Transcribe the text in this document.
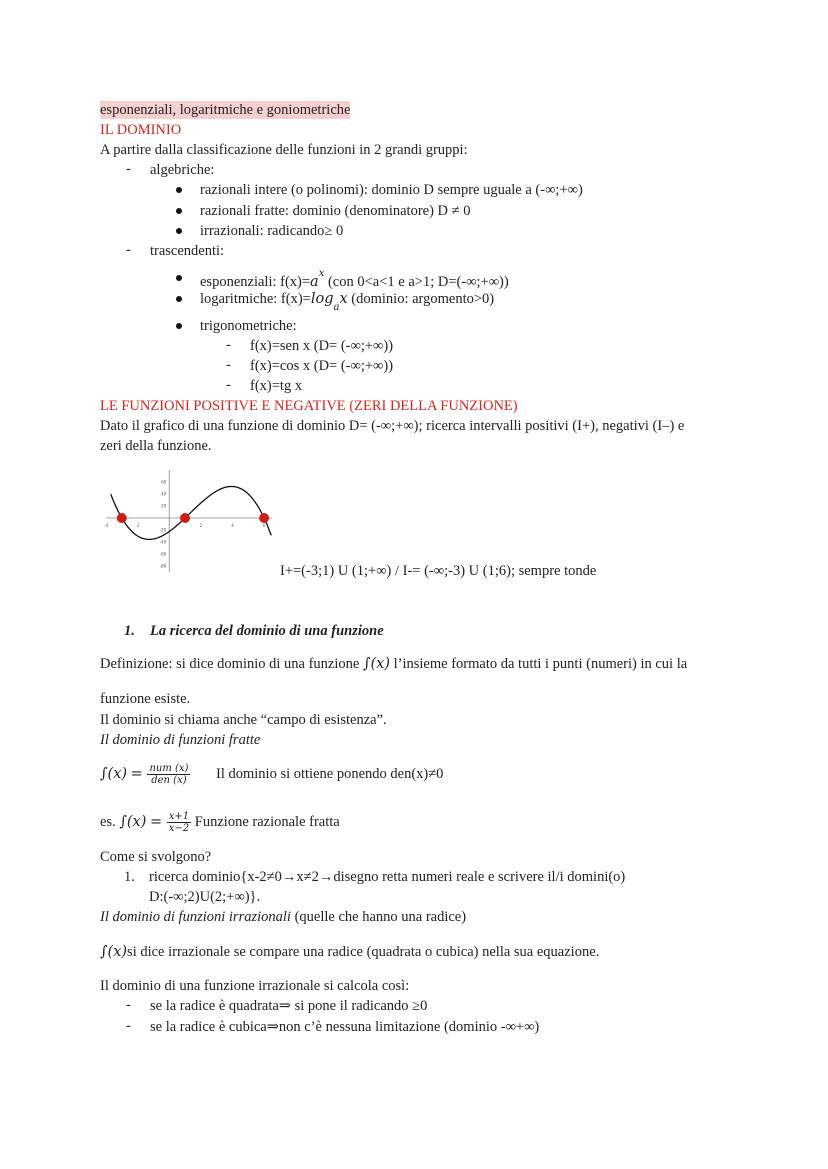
esponenziali, logaritmiche e goniometriche
IL DOMINIO
A partire dalla classificazione delle funzioni in 2 grandi gruppi:
-	algebriche:
razionali intere (o polinomi): dominio D sempre uguale a (-∞;+∞)
razionali fratte: dominio (denominatore) D ≠ 0
irrazionali: radicando≥ 0
-	trascendenti:
esponenziali: $f(x)=a^x$ (con 0<a<1 e a>1; D=(-∞;+∞))
logaritmiche: $f(x)=\log_ax$ (dominio: argomento>0)
trigonometriche:
-	f(x)=sen x (D= (-∞;+∞))
-	f(x)=cos x (D= (-∞;+∞))
-	f(x)=tg x
LE FUNZIONI POSITIVE E NEGATIVE (ZERI DELLA FUNZIONE)
Dato il grafico di una funzione di dominio D= (-∞;+∞); ricerca intervalli positivi (I+), negativi (I–) e
zeri della funzione.
-4	-2	2	4	6
60
40
20
-20
-40
-60
-80	I+=(-3;1) U (1;+∞) / I-= (-∞;-3) U (1;6); sempre tonde
1. La ricerca del dominio di una funzione
Definizione: si dice dominio di una funzione ∫(x) l’insieme formato da tutti i punti (numeri) in cui la
funzione esiste.
Il dominio si chiama anche “campo di esistenza”.
Il dominio di funzioni fratte
$\int(x) = \frac{\text{num (x)}}{\text{den (x)}}$ Il dominio si ottiene ponendo den(x)≠0
es. $\int(x) = \frac{x+1}{x-2}$ Funzione razionale fratta
Come si svolgono?
1. ricerca dominio{x-2≠0→x≠2→disegno retta numeri reale e scrivere il/i domini(o)
D:(-∞;2)U(2;+∞)}.
Il dominio di funzioni irrazionali (quelle che hanno una radice)
∫(x)si dice irrazionale se compare una radice (quadrata o cubica) nella sua equazione.
Il dominio di una funzione irrazionale si calcola così:
-	se la radice è quadrata⇒ si pone il radicando ≥0
-	se la radice è cubica⇒non c’è nessuna limitazione (dominio -∞+∞)
